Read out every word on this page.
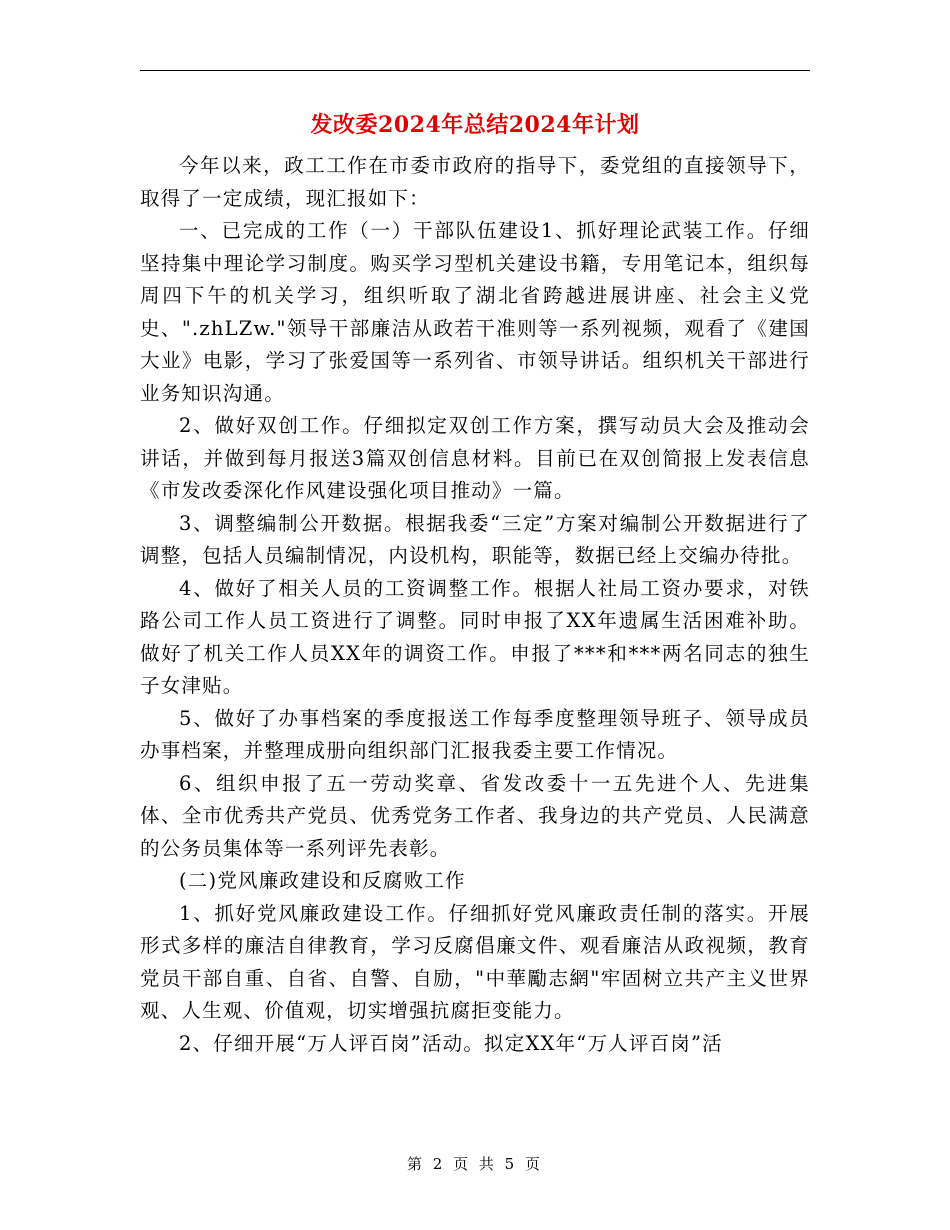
发改委2024年总结2024年计划

今年以来，政工工作在市委市政府的指导下，委党组的直接领导下，取得了一定成绩，现汇报如下：

一、已完成的工作（一）干部队伍建设1、抓好理论武装工作。仔细坚持集中理论学习制度。购买学习型机关建设书籍，专用笔记本，组织每周四下午的机关学习，组织听取了湖北省跨越进展讲座、社会主义党史、".zhLZw."领导干部廉洁从政若干准则等一系列视频，观看了《建国大业》电影，学习了张爱国等一系列省、市领导讲话。组织机关干部进行业务知识沟通。

2、做好双创工作。仔细拟定双创工作方案，撰写动员大会及推动会讲话，并做到每月报送3篇双创信息材料。目前已在双创简报上发表信息《市发改委深化作风建设强化项目推动》一篇。

3、调整编制公开数据。根据我委“三定”方案对编制公开数据进行了调整，包括人员编制情况，内设机构，职能等，数据已经上交编办待批。

4、做好了相关人员的工资调整工作。根据人社局工资办要求，对铁路公司工作人员工资进行了调整。同时申报了XX年遗属生活困难补助。做好了机关工作人员XX年的调资工作。申报了***和***两名同志的独生子女津贴。

5、做好了办事档案的季度报送工作每季度整理领导班子、领导成员办事档案，并整理成册向组织部门汇报我委主要工作情况。

6、组织申报了五一劳动奖章、省发改委十一五先进个人、先进集体、全市优秀共产党员、优秀党务工作者、我身边的共产党员、人民满意的公务员集体等一系列评先表彰。

(二)党风廉政建设和反腐败工作

1、抓好党风廉政建设工作。仔细抓好党风廉政责任制的落实。开展形式多样的廉洁自律教育，学习反腐倡廉文件、观看廉洁从政视频，教育党员干部自重、自省、自警、自励，"中華勵志網"牢固树立共产主义世界观、人生观、价值观，切实增强抗腐拒变能力。

2、仔细开展“万人评百岗”活动。拟定XX年“万人评百岗”活

第 2 页 共 5 页
